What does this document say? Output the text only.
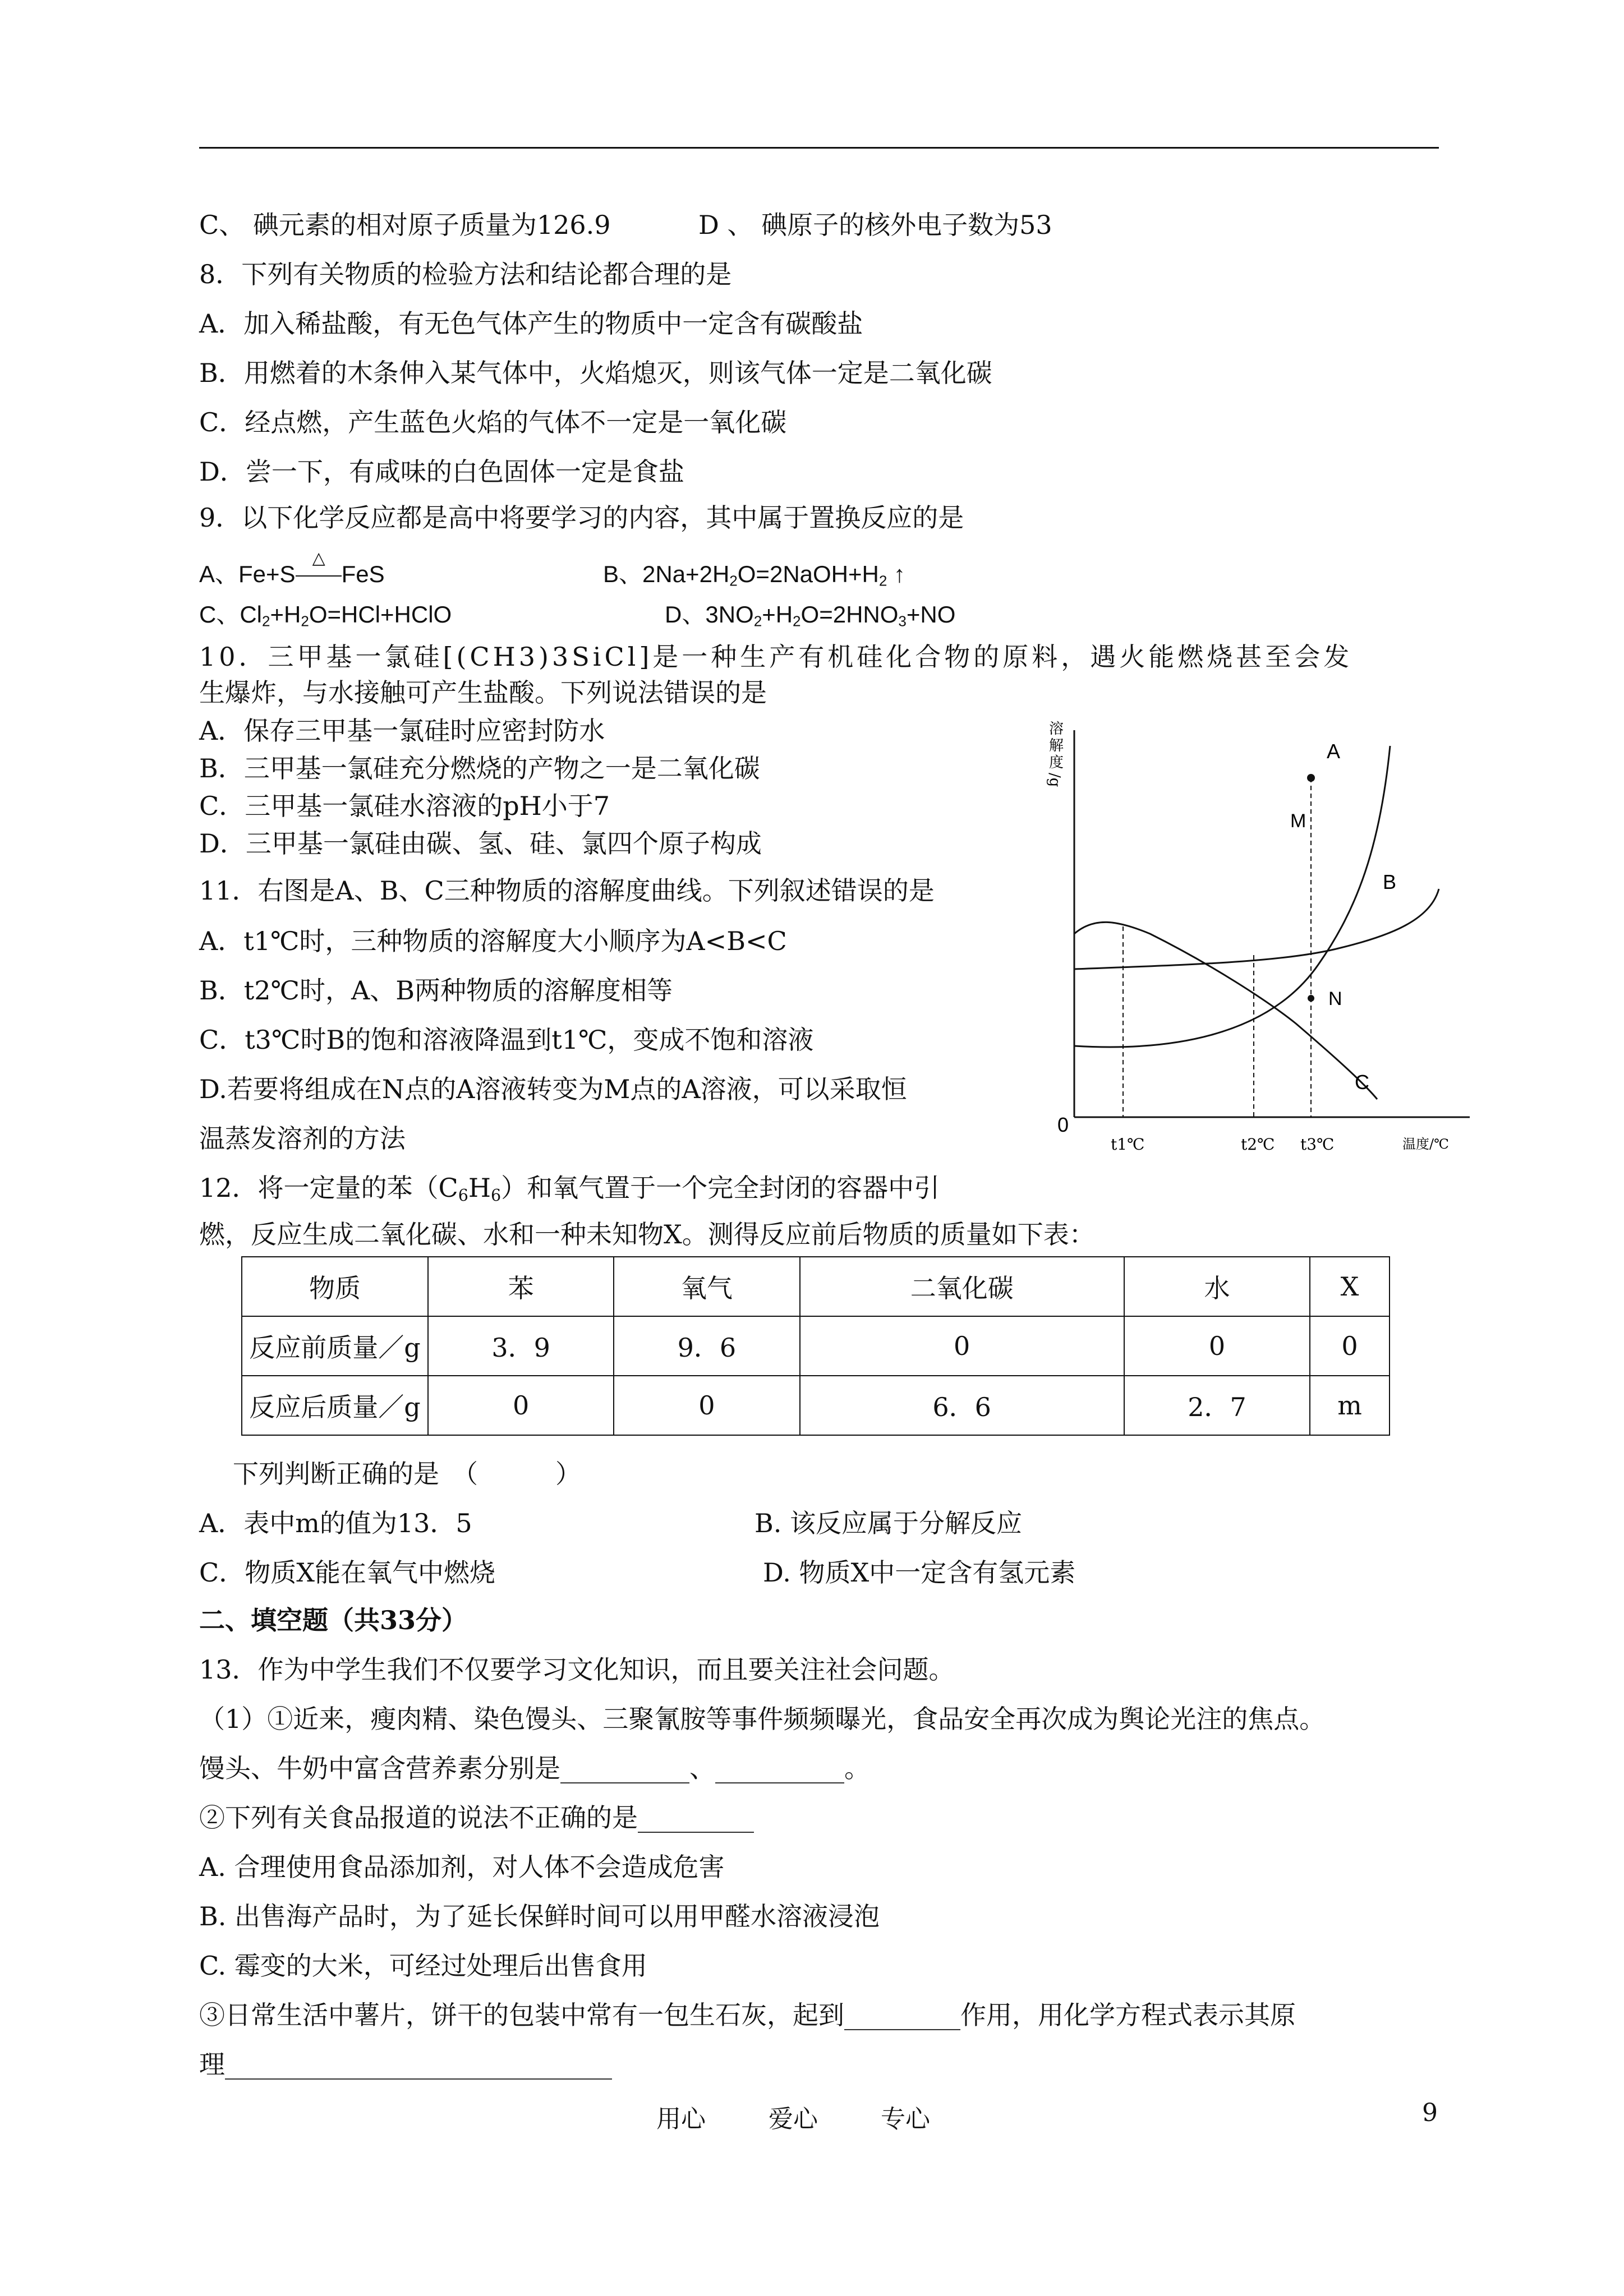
C、 碘元素的相对原子质量为126.9	D 、 碘原子的核外电子数为53
8．下列有关物质的检验方法和结论都合理的是
A．加入稀盐酸，有无色气体产生的物质中一定含有碳酸盐
B．用燃着的木条伸入某气体中，火焰熄灭，则该气体一定是二氧化碳
C．经点燃，产生蓝色火焰的气体不一定是一氧化碳
D．尝一下，有咸味的白色固体一定是食盐
9．以下化学反应都是高中将要学习的内容，其中属于置换反应的是
A、Fe+S
△
FeS	B、$2Na+2H_2O=2NaOH+H_2$ ↑
C、$Cl_2+H_2O=HCl+HClO$	D、$3NO_2+H_2O=2HNO_3+NO$
10．三甲基一氯硅[(CH3)3SiCl]是一种生产有机硅化合物的原料，遇火能燃烧甚至会发
生爆炸，与水接触可产生盐酸。下列说法错误的是
A．保存三甲基一氯硅时应密封防水
B．三甲基一氯硅充分燃烧的产物之一是二氧化碳
C．三甲基一氯硅水溶液的pH小于7
D．三甲基一氯硅由碳、氢、硅、氯四个原子构成
11．右图是A、B、C三种物质的溶解度曲线。下列叙述错误的是
A．t1℃时，三种物质的溶解度大小顺序为A<B<C
B．t2℃时，A、B两种物质的溶解度相等
C．t3℃时B的饱和溶液降温到t1℃，变成不饱和溶液
D.若要将组成在N点的A溶液转变为M点的A溶液，可以采取恒
温蒸发溶剂的方法
溶
解
度
/g
A
M
B
N
C
0
t1℃	t2℃ t3℃	温度/℃
12．将一定量的苯$(C_6H_6)$和氧气置于一个完全封闭的容器中引
燃，反应生成二氧化碳、水和一种未知物X。测得反应前后物质的质量如下表：
物质	苯	氧气	二氧化碳	水	X
反应前质量／g	3．9	9．6	0	0	0
反应后质量／g	0	0	6．6	2．7	m
下列判断正确的是　（　　　）
A．表中m的值为13．5	B. 该反应属于分解反应
C．物质X能在氧气中燃烧	D. 物质X中一定含有氢元素
二、填空题（共33分）
13．作为中学生我们不仅要学习文化知识，而且要关注社会问题。
（1）①近来，瘦肉精、染色馒头、三聚氰胺等事件频频曝光，食品安全再次成为舆论光注的焦点。
馒头、牛奶中富含营养素分别是__________、__________。
②下列有关食品报道的说法不正确的是_________
A. 合理使用食品添加剂，对人体不会造成危害
B. 出售海产品时，为了延长保鲜时间可以用甲醛水溶液浸泡
C. 霉变的大米，可经过处理后出售食用
③日常生活中薯片，饼干的包装中常有一包生石灰，起到_________作用，用化学方程式表示其原
理______________________________
用心	爱心	专心	9
